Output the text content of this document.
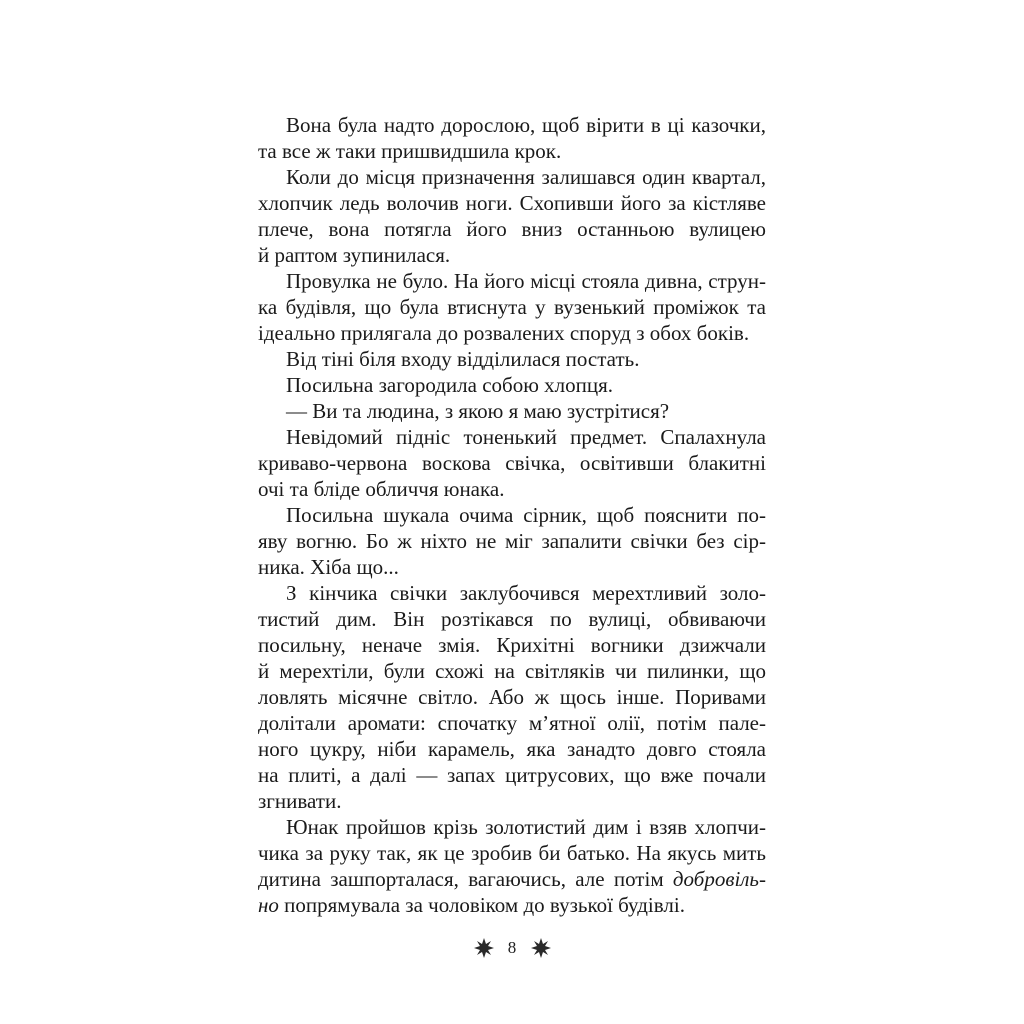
Вона була надто дорослою, щоб вірити в ці казочки,
та все ж таки пришвидшила крок.
Коли до місця призначення залишався один квартал,
хлопчик ледь волочив ноги. Схопивши його за кістляве
плече, вона потягла його вниз останньою вулицею
й раптом зупинилася.
Провулка не було. На його місці стояла дивна, струн-
ка будівля, що була втиснута у вузенький проміжок та
ідеально прилягала до розвалених споруд з обох боків.
Від тіні біля входу відділилася постать.
Посильна загородила собою хлопця.
— Ви та людина, з якою я маю зустрітися?
Невідомий підніс тоненький предмет. Спалахнула
криваво-червона воскова свічка, освітивши блакитні
очі та бліде обличчя юнака.
Посильна шукала очима сірник, щоб пояснити по-
яву вогню. Бо ж ніхто не міг запалити свічки без сір-
ника. Хіба що...
З кінчика свічки заклубочився мерехтливий золо-
тистий дим. Він розтікався по вулиці, обвиваючи
посильну, неначе змія. Крихітні вогники дзижчали
й мерехтіли, були схожі на світляків чи пилинки, що
ловлять місячне світло. Або ж щось інше. Поривами
долітали аромати: спочатку м’ятної олії, потім пале-
ного цукру, ніби карамель, яка занадто довго стояла
на плиті, а далі — запах цитрусових, що вже почали
згнивати.
Юнак пройшов крізь золотистий дим і взяв хлопчи-
чика за руку так, як це зробив би батько. На якусь мить
дитина зашпорталася, вагаючись, але потім добровіль-
но попрямувала за чоловіком до вузької будівлі.
8
